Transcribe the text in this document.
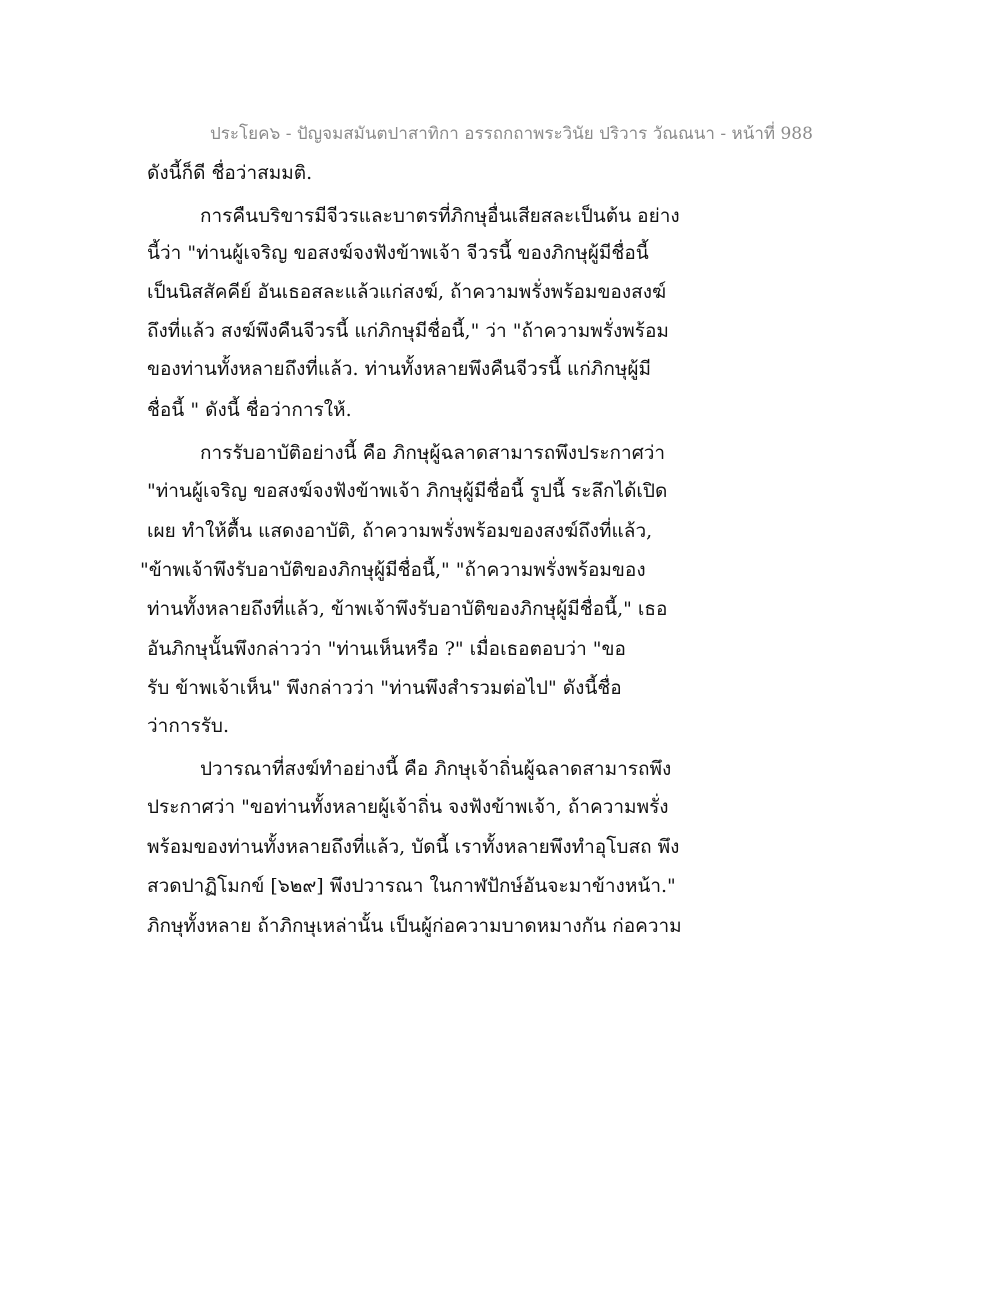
ประโยค๖ - ปัญจมสมันตปาสาทิกา อรรถกถาพระวินัย ปริวาร วัณณนา - หน้าที่ 988
ดังนี้ก็ดี ชื่อว่าสมมติ.
การคืนบริขารมีจีวรและบาตรที่ภิกษุอื่นเสียสละเป็นต้น อย่าง
นี้ว่า "ท่านผู้เจริญ ขอสงฆ์จงฟังข้าพเจ้า จีวรนี้ ของภิกษุผู้มีชื่อนี้
เป็นนิสสัคคีย์ อันเธอสละแล้วแก่สงฆ์, ถ้าความพรั่งพร้อมของสงฆ์
ถึงที่แล้ว สงฆ์พึงคืนจีวรนี้ แก่ภิกษุมีชื่อนี้," ว่า "ถ้าความพรั่งพร้อม
ของท่านทั้งหลายถึงที่แล้ว. ท่านทั้งหลายพึงคืนจีวรนี้ แก่ภิกษุผู้มี
ชื่อนี้ " ดังนี้ ชื่อว่าการให้.
การรับอาบัติอย่างนี้ คือ ภิกษุผู้ฉลาดสามารถพึงประกาศว่า
"ท่านผู้เจริญ ขอสงฆ์จงฟังข้าพเจ้า ภิกษุผู้มีชื่อนี้ รูปนี้ ระลึกได้เปิด
เผย ทำให้ตื้น แสดงอาบัติ, ถ้าความพรั่งพร้อมของสงฆ์ถึงที่แล้ว,
"ข้าพเจ้าพึงรับอาบัติของภิกษุผู้มีชื่อนี้," "ถ้าความพรั่งพร้อมของ
ท่านทั้งหลายถึงที่แล้ว, ข้าพเจ้าพึงรับอาบัติของภิกษุผู้มีชื่อนี้," เธอ
อันภิกษุนั้นพึงกล่าวว่า "ท่านเห็นหรือ ?" เมื่อเธอตอบว่า "ขอ
รับ ข้าพเจ้าเห็น" พึงกล่าวว่า "ท่านพึงสำรวมต่อไป" ดังนี้ชื่อ
ว่าการรับ.
ปวารณาที่สงฆ์ทำอย่างนี้ คือ ภิกษุเจ้าถิ่นผู้ฉลาดสามารถพึง
ประกาศว่า "ขอท่านทั้งหลายผู้เจ้าถิ่น จงฟังข้าพเจ้า, ถ้าความพรั่ง
พร้อมของท่านทั้งหลายถึงที่แล้ว, บัดนี้ เราทั้งหลายพึงทำอุโบสถ พึง
สวดปาฏิโมกข์ [๖๒๙] พึงปวารณา ในกาฬปักษ์อันจะมาข้างหน้า."
ภิกษุทั้งหลาย ถ้าภิกษุเหล่านั้น เป็นผู้ก่อความบาดหมางกัน ก่อความ
